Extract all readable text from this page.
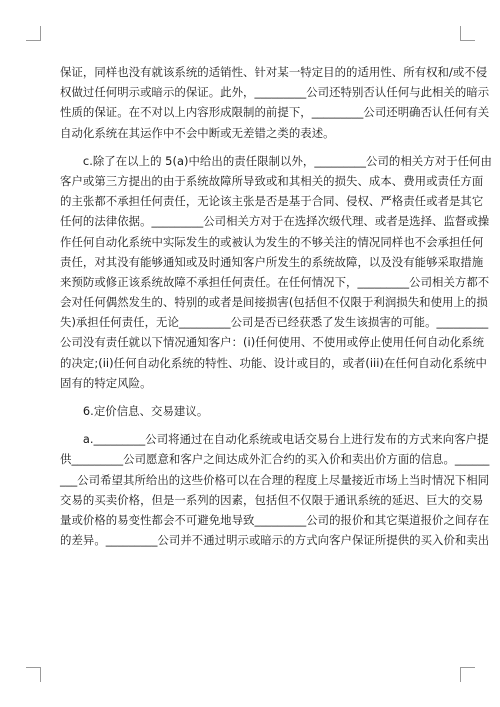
保证，同样也没有就该系统的适销性、针对某一特定目的的适用性、所有权和/或不侵
权做过任何明示或暗示的保证。此外，_________公司还特别否认任何与此相关的暗示
性质的保证。在不对以上内容形成限制的前提下，_________公司还明确否认任何有关
自动化系统在其运作中不会中断或无差错之类的表述。
　　c.除了在以上的 5(a)中给出的责任限制以外，_________公司的相关方对于任何由
客户或第三方提出的由于系统故障所导致或和其相关的损失、成本、费用或责任方面
的主张都不承担任何责任，无论该主张是否是基于合同、侵权、严格责任或者是其它
任何的法律依据。_________公司相关方对于在选择次级代理、或者是选择、监督或操
作任何自动化系统中实际发生的或被认为发生的不够关注的情况同样也不会承担任何
责任，对其没有能够通知或及时通知客户所发生的系统故障，以及没有能够采取措施
来预防或修正该系统故障不承担任何责任。在任何情况下，_________公司相关方都不
会对任何偶然发生的、特别的或者是间接损害(包括但不仅限于利润损失和使用上的损
失)承担任何责任，无论_________公司是否已经获悉了发生该损害的可能。_________
公司没有责任就以下情况通知客户：(i)任何使用、不使用或停止使用任何自动化系统
的决定;(ii)任何自动化系统的特性、功能、设计或目的，或者(iii)在任何自动化系统中
固有的特定风险。
　　6.定价信息、交易建议。
　　a._________公司将通过在自动化系统或电话交易台上进行发布的方式来向客户提
供_________公司愿意和客户之间达成外汇合约的买入价和卖出价方面的信息。______
___公司希望其所给出的这些价格可以在合理的程度上尽量接近市场上当时情况下相同
交易的买卖价格，但是一系列的因素，包括但不仅限于通讯系统的延迟、巨大的交易
量或价格的易变性都会不可避免地导致_________公司的报价和其它渠道报价之间存在
的差异。_________公司并不通过明示或暗示的方式向客户保证所提供的买入价和卖出
